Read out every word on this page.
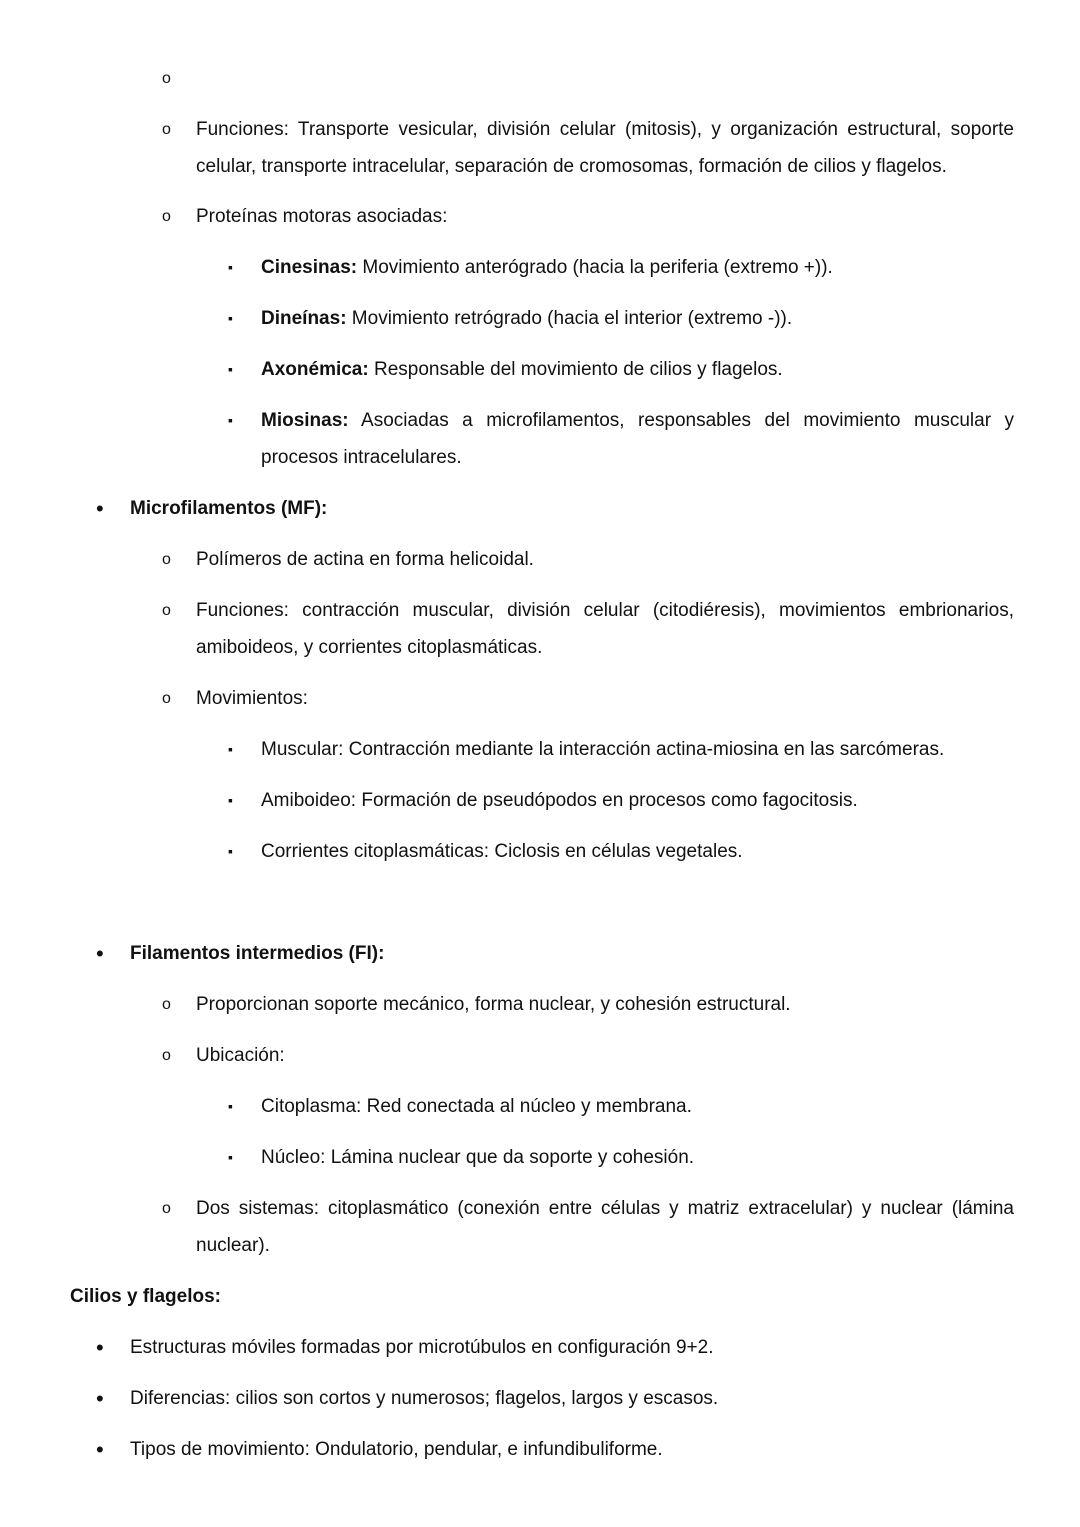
o
o Funciones: Transporte vesicular, división celular (mitosis), y organización estructural, soporte celular, transporte intracelular, separación de cromosomas, formación de cilios y flagelos.
o Proteínas motoras asociadas:
▪ Cinesinas: Movimiento anterógrado (hacia la periferia (extremo +)).
▪ Dineínas: Movimiento retrógrado (hacia el interior (extremo -)).
▪ Axonémica: Responsable del movimiento de cilios y flagelos.
▪ Miosinas: Asociadas a microfilamentos, responsables del movimiento muscular y procesos intracelulares.
• Microfilamentos (MF):
o Polímeros de actina en forma helicoidal.
o Funciones: contracción muscular, división celular (citodiéresis), movimientos embrionarios, amiboideos, y corrientes citoplasmáticas.
o Movimientos:
▪ Muscular: Contracción mediante la interacción actina-miosina en las sarcómeras.
▪ Amiboideo: Formación de pseudópodos en procesos como fagocitosis.
▪ Corrientes citoplasmáticas: Ciclosis en células vegetales.
• Filamentos intermedios (FI):
o Proporcionan soporte mecánico, forma nuclear, y cohesión estructural.
o Ubicación:
▪ Citoplasma: Red conectada al núcleo y membrana.
▪ Núcleo: Lámina nuclear que da soporte y cohesión.
o Dos sistemas: citoplasmático (conexión entre células y matriz extracelular) y nuclear (lámina nuclear).
Cilios y flagelos:
• Estructuras móviles formadas por microtúbulos en configuración 9+2.
• Diferencias: cilios son cortos y numerosos; flagelos, largos y escasos.
• Tipos de movimiento: Ondulatorio, pendular, e infundibuliforme.
